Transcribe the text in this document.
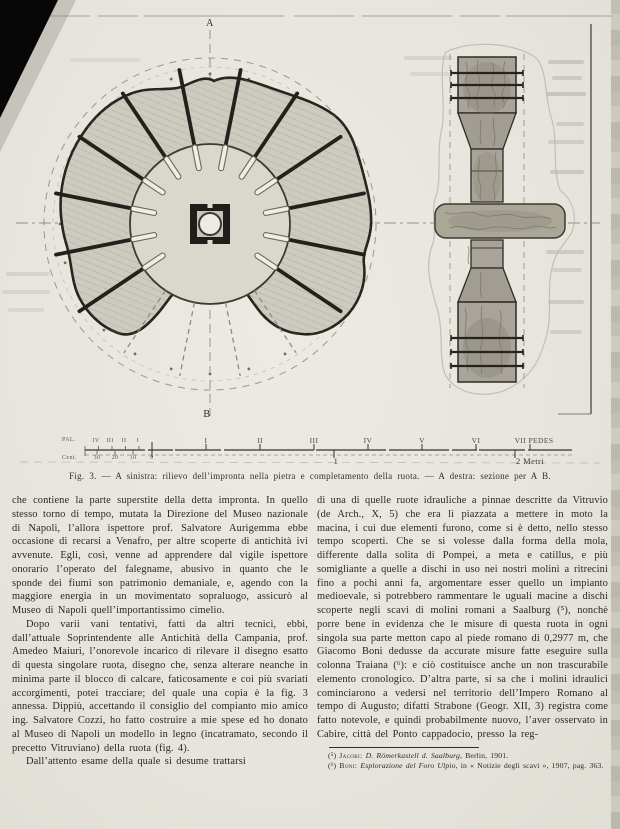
A
B
PAL.	IV III II I	I	II	III	IV	V	VI	VII PEDES
Cent.	30 20 10 0	1	2 Metri
Fig. 3. — A sinistra: rilievo dell’impronta nella pietra e completamento della ruota. — A destra: sezione per A B.

che contiene la parte superstite della detta impronta. In quello stesso torno di tempo, mutata la Direzione del Museo nazionale di Napoli, l’allora ispettore prof. Salvatore Aurigemma ebbe occasione di recarsi a Venafro, per altre scoperte di antichità ivi avvenute. Egli, così, venne ad apprendere dal vigile ispettore onorario l’operato del falegname, abusivo in quanto che le sponde dei fiumi son patrimonio demaniale, e, agendo con la maggiore energia in un movimentato sopraluogo, assicurò al Museo di Napoli quell’importantissimo cimelio.

Dopo varii vani tentativi, fatti da altri tecnici, ebbi, dall’attuale Soprintendente alle Antichità della Campania, prof. Amedeo Maiuri, l’onorevole incarico di rilevare il disegno esatto di questa singolare ruota, disegno che, senza alterare neanche in minima parte il blocco di calcare, faticosamente e coi più svariati accorgimenti, potei tracciare; del quale una copia è la fig. 3 annessa. Dippiù, accettando il consiglio del compianto mio amico ing. Salvatore Cozzi, ho fatto costruire a mie spese ed ho donato al Museo di Napoli un modello in legno (incatramato, secondo il precetto Vitruviano) della ruota (fig. 4).

Dall’attento esame della quale si desume trattarsi

di una di quelle ruote idrauliche a pinnae descritte da Vitruvio (de Arch., X, 5) che era lì piazzata a mettere in moto la macina, i cui due elementi furono, come si è detto, nello stesso tempo scoperti. Che se si volesse dalla forma della mola, differente dalla solita di Pompei, a meta e catillus, e più somigliante a quelle a dischi in uso nei nostri molini a ritrecini fino a pochi anni fa, argomentare esser quello un impianto medioevale, si potrebbero rammentare le uguali macine a dischi scoperte negli scavi di molini romani a Saalburg (⁵), nonchè porre bene in evidenza che le misure di questa ruota in ogni singola sua parte metton capo al piede romano di 0,2977 m, che Giacomo Boni dedusse da accurate misure fatte eseguire sulla colonna Traiana (⁶): e ciò costituisce anche un non trascurabile elemento cronologico. D’altra parte, si sa che i molini idraulici cominciarono a vedersi nel territorio dell’Impero Romano al tempo di Augusto; difatti Strabone (Geogr. XII, 3) registra come fatto notevole, e quindi probabilmente nuovo, l’aver osservato in Cabire, città del Ponto cappadocio, presso la reg-

(⁵) Jacobi: D. Römerkastell d. Saalburg, Berlin, 1901.
(⁶) Boni: Esplorazione del Foro Ulpio, in « Notizie degli scavi », 1907, pag. 363.
